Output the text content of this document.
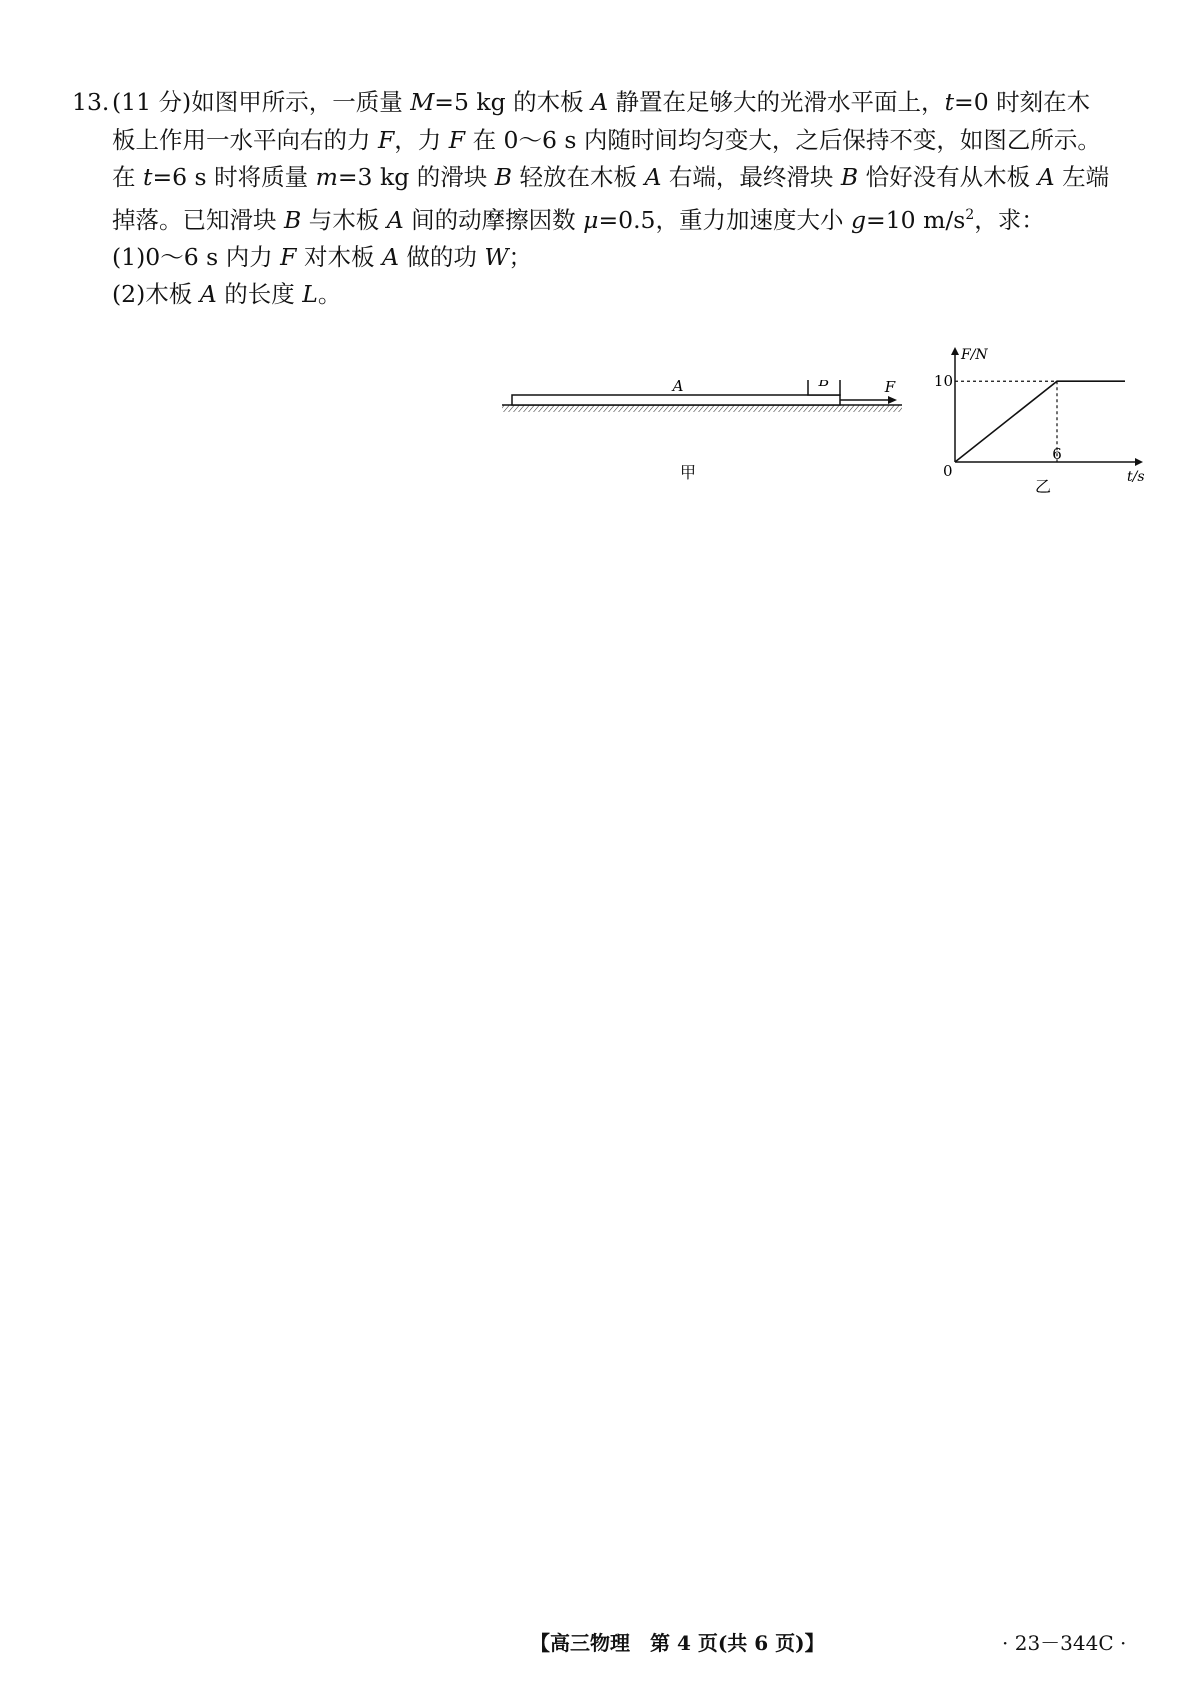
13. (11 分)如图甲所示，一质量 M=5 kg 的木板 A 静置在足够大的光滑水平面上，t=0 时刻在木
板上作用一水平向右的力 F，力 F 在 0～6 s 内随时间均匀变大，之后保持不变，如图乙所示。
在 t=6 s 时将质量 m=3 kg 的滑块 B 轻放在木板 A 右端，最终滑块 B 恰好没有从木板 A 左端
掉落。已知滑块 B 与木板 A 间的动摩擦因数 μ=0.5，重力加速度大小 g=10 $m/s^2$，求：
(1)0～6 s 内力 F 对木板 A 做的功 W；
(2)木板 A 的长度 L。
A	B	F
甲
F/N
t/s
0
10
6
乙
【高三物理　第 4 页(共 6 页)】	· 23－344C ·
